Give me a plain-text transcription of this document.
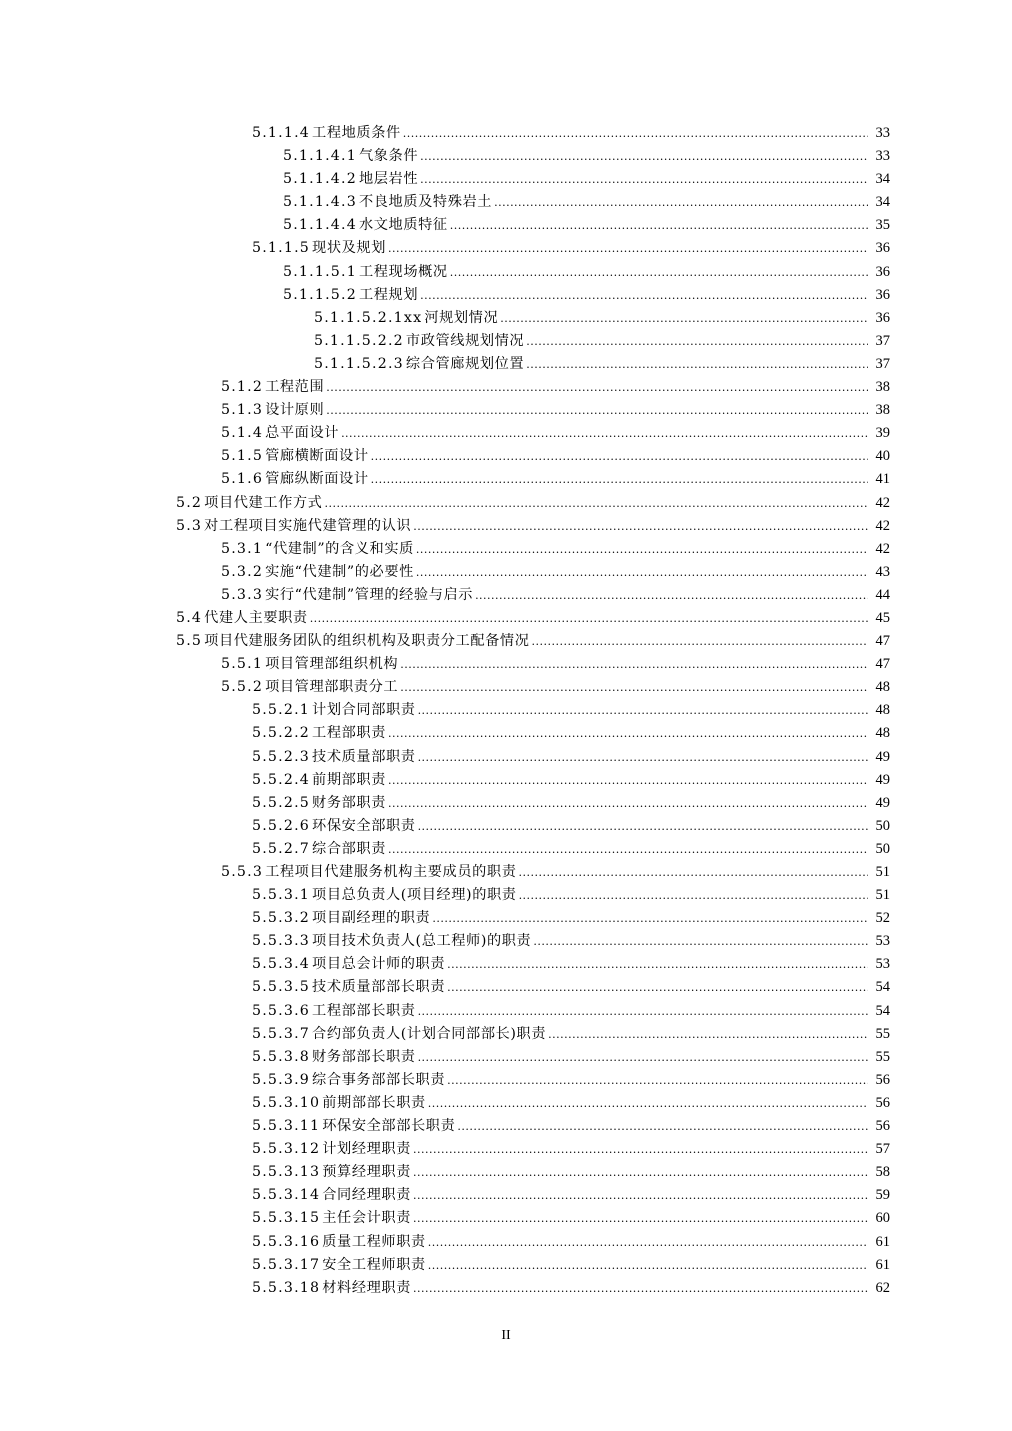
5.1.1.4 工程地质条件 .....	33
5.1.1.4.1 气象条件 .....	33
5.1.1.4.2 地层岩性 .....	34
5.1.1.4.3 不良地质及特殊岩土 .....	34
5.1.1.4.4 水文地质特征 .....	35
5.1.1.5 现状及规划 .....	36
5.1.1.5.1 工程现场概况 .....	36
5.1.1.5.2 工程规划 .....	36
5.1.1.5.2.1xx 河规划情况 .....	36
5.1.1.5.2.2 市政管线规划情况 .....	37
5.1.1.5.2.3 综合管廊规划位置 .....	37
5.1.2 工程范围 .....	38
5.1.3 设计原则 .....	38
5.1.4 总平面设计 .....	39
5.1.5 管廊横断面设计 .....	40
5.1.6 管廊纵断面设计 .....	41
5.2 项目代建工作方式 .....	42
5.3 对工程项目实施代建管理的认识 .....	42
5.3.1 “代建制”的含义和实质 .....	42
5.3.2 实施“代建制”的必要性 .....	43
5.3.3 实行“代建制”管理的经验与启示 .....	44
5.4 代建人主要职责 .....	45
5.5 项目代建服务团队的组织机构及职责分工配备情况 .....	47
5.5.1 项目管理部组织机构 .....	47
5.5.2 项目管理部职责分工 .....	48
5.5.2.1 计划合同部职责 .....	48
5.5.2.2 工程部职责 .....	48
5.5.2.3 技术质量部职责 .....	49
5.5.2.4 前期部职责 .....	49
5.5.2.5 财务部职责 .....	49
5.5.2.6 环保安全部职责 .....	50
5.5.2.7 综合部职责 .....	50
5.5.3 工程项目代建服务机构主要成员的职责 .....	51
5.5.3.1 项目总负责人(项目经理)的职责 .....	51
5.5.3.2 项目副经理的职责 .....	52
5.5.3.3 项目技术负责人(总工程师)的职责 .....	53
5.5.3.4 项目总会计师的职责 .....	53
5.5.3.5 技术质量部部长职责 .....	54
5.5.3.6 工程部部长职责 .....	54
5.5.3.7 合约部负责人(计划合同部部长)职责 .....	55
5.5.3.8 财务部部长职责 .....	55
5.5.3.9 综合事务部部长职责 .....	56
5.5.3.10 前期部部长职责 .....	56
5.5.3.11 环保安全部部长职责 .....	56
5.5.3.12 计划经理职责 .....	57
5.5.3.13 预算经理职责 .....	58
5.5.3.14 合同经理职责 .....	59
5.5.3.15 主任会计职责 .....	60
5.5.3.16 质量工程师职责 .....	61
5.5.3.17 安全工程师职责 .....	61
5.5.3.18 材料经理职责 .....	62
II
